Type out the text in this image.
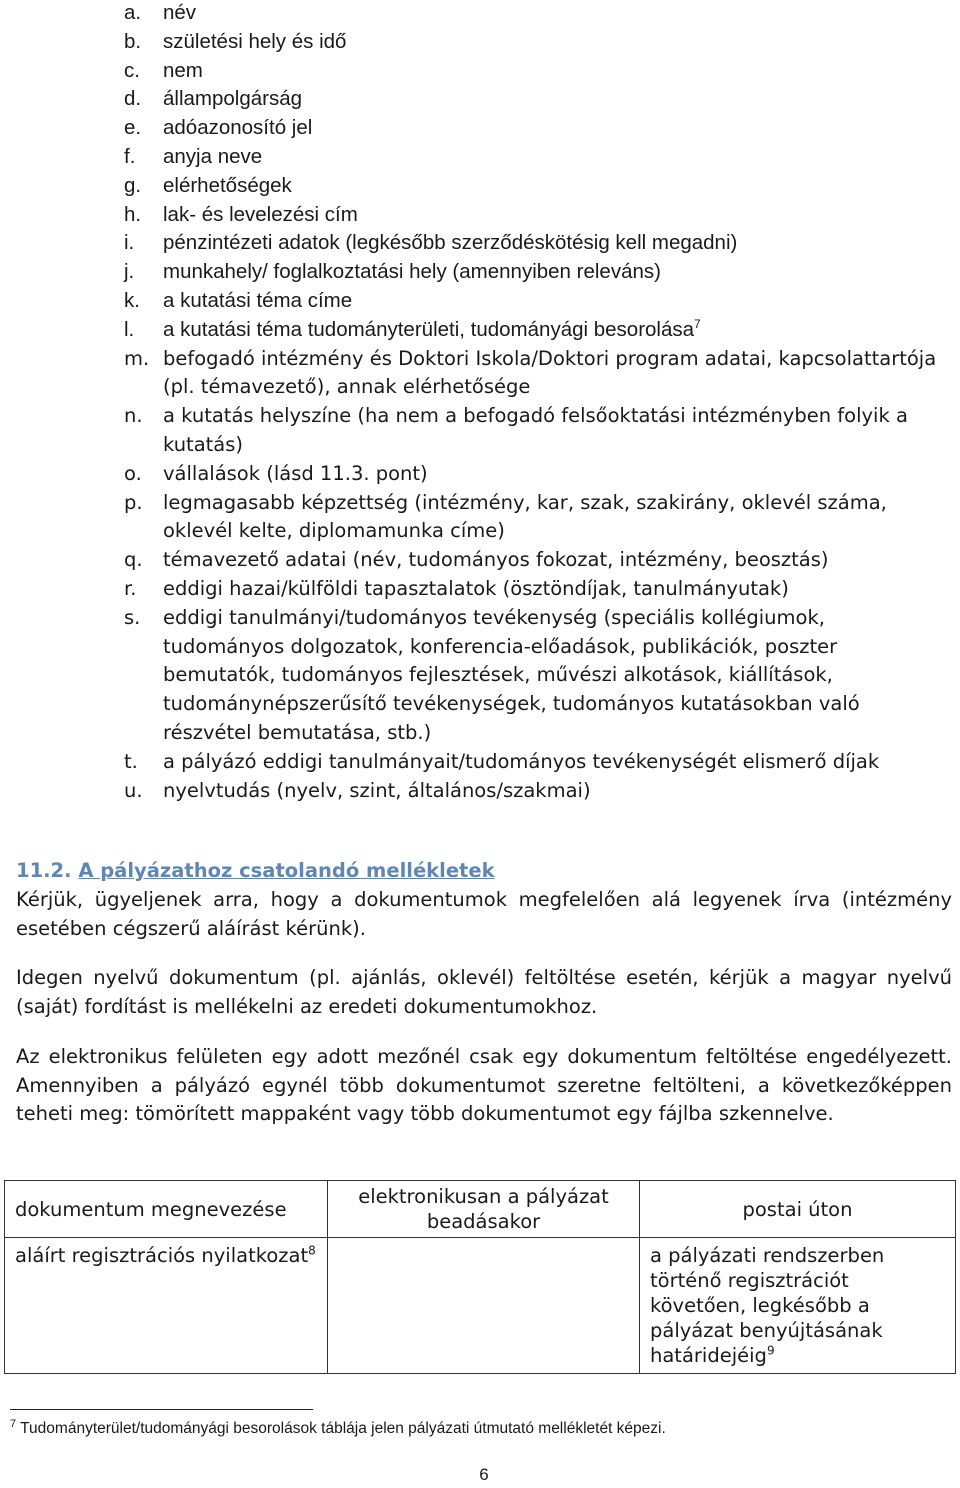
a. név
b. születési hely és idő
c. nem
d. állampolgárság
e. adóazonosító jel
f. anyja neve
g. elérhetőségek
h. lak- és levelezési cím
i. pénzintézeti adatok (legkésőbb szerződéskötésig kell megadni)
j. munkahely/ foglalkoztatási hely (amennyiben releváns)
k. a kutatási téma címe
l. a kutatási téma tudományterületi, tudományági besorolása$^7$
m. befogadó intézmény és Doktori Iskola/Doktori program adatai, kapcsolattartója (pl. témavezető), annak elérhetősége
n. a kutatás helyszíne (ha nem a befogadó felsőoktatási intézményben folyik a kutatás)
o. vállalások (lásd 11.3. pont)
p. legmagasabb képzettség (intézmény, kar, szak, szakirány, oklevél száma, oklevél kelte, diplomamunka címe)
q. témavezető adatai (név, tudományos fokozat, intézmény, beosztás)
r. eddigi hazai/külföldi tapasztalatok (ösztöndíjak, tanulmányutak)
s. eddigi tanulmányi/tudományos tevékenység (speciális kollégiumok, tudományos dolgozatok, konferencia-előadások, publikációk, poszter bemutatók, tudományos fejlesztések, művészi alkotások, kiállítások, tudománynépszerűsítő tevékenységek, tudományos kutatásokban való részvétel bemutatása, stb.)
t. a pályázó eddigi tanulmányait/tudományos tevékenységét elismerő díjak
u. nyelvtudás (nyelv, szint, általános/szakmai)
11.2. A pályázathoz csatolandó mellékletek

Kérjük, ügyeljenek arra, hogy a dokumentumok megfelelően alá legyenek írva (intézmény esetében cégszerű aláírást kérünk).

Idegen nyelvű dokumentum (pl. ajánlás, oklevél) feltöltése esetén, kérjük a magyar nyelvű (saját) fordítást is mellékelni az eredeti dokumentumokhoz.

Az elektronikus felületen egy adott mezőnél csak egy dokumentum feltöltése engedélyezett. Amennyiben a pályázó egynél több dokumentumot szeretne feltölteni, a következőképpen teheti meg: tömörített mappaként vagy több dokumentumot egy fájlba szkennelve.

dokumentum megnevezése	elektronikusan a pályázat beadásakor	postai úton
aláírt regisztrációs nyilatkozat$^8$		a pályázati rendszerben történő regisztrációt követően, legkésőbb a pályázat benyújtásának határidejéig$^9$
$^7$ Tudományterület/tudományági besorolások táblája jelen pályázati útmutató mellékletét képezi.
6
